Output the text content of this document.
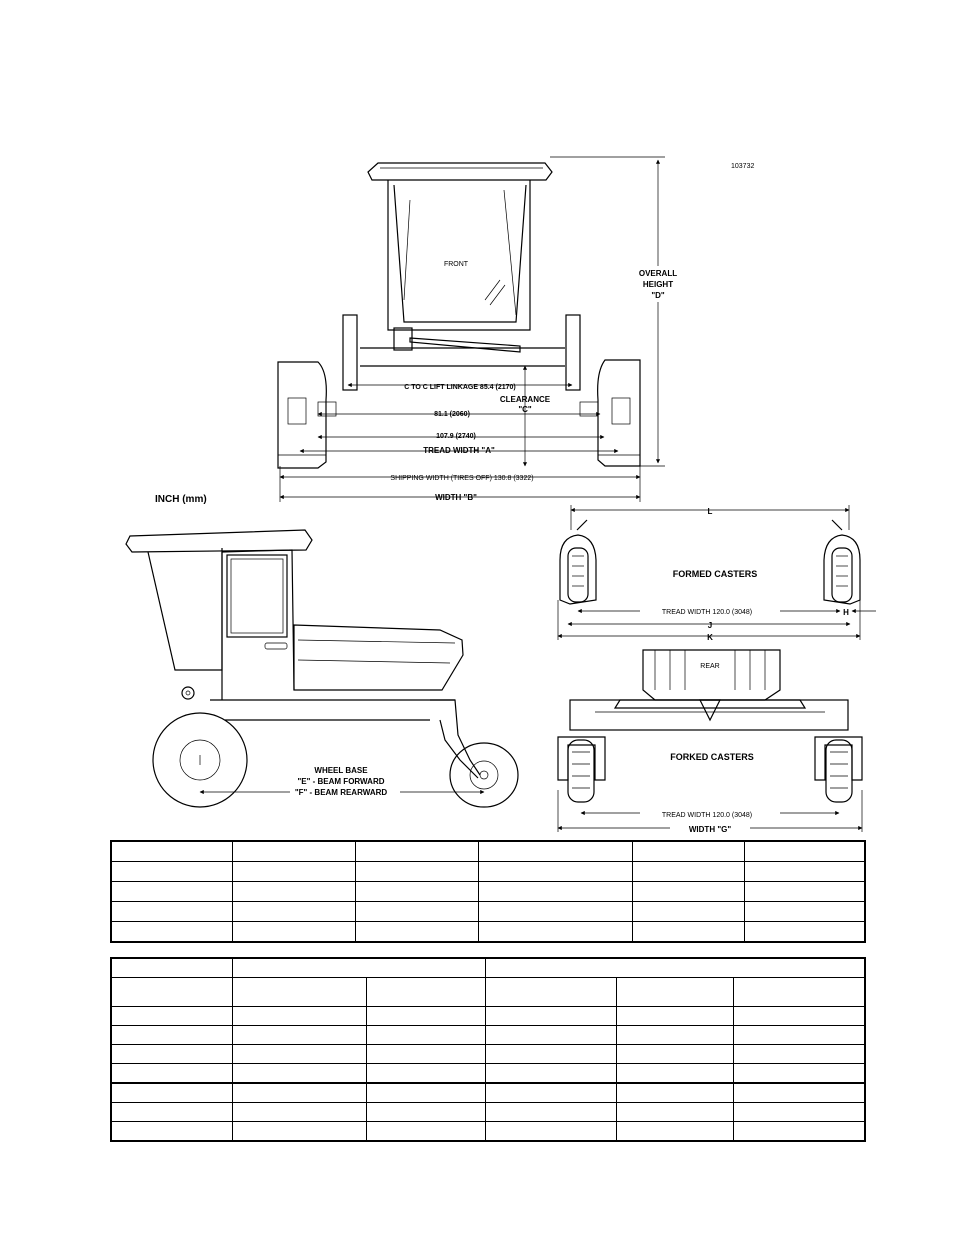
103732
FRONT
OVERALL
HEIGHT
"D"
C TO C LIFT LINKAGE 85.4 (2170)
CLEARANCE
"C"
81.1 (2060)
107.9 (2740)
TREAD WIDTH "A"
SHIPPING WIDTH (TIRES OFF) 130.8 (3322)
WIDTH "B"
INCH (mm)
WHEEL BASE
"E" - BEAM FORWARD
"F" - BEAM REARWARD
FORMED CASTERS
L
TREAD WIDTH 120.0 (3048)	H
J
K
REAR
FORKED CASTERS
TREAD WIDTH 120.0 (3048)
WIDTH "G"
